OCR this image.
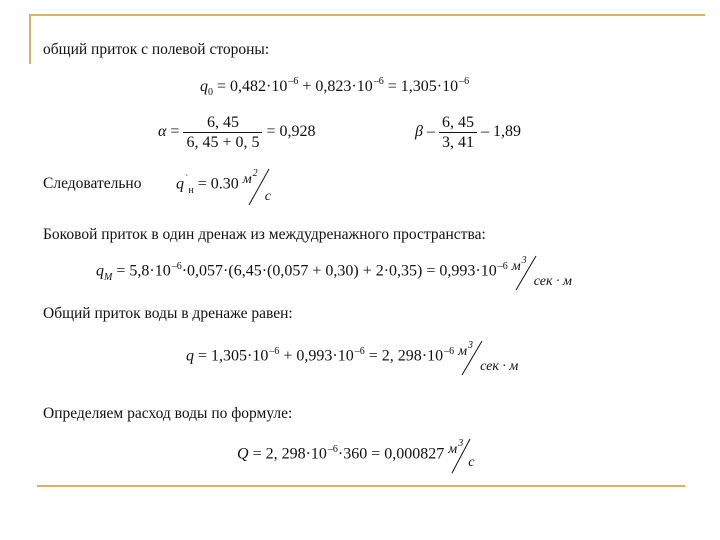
общий приток с полевой стороны:
$q_0 = 0,482\cdot 10^{-6} + 0,823\cdot 10^{-6} = 1,305\cdot 10^{-6}$
$\alpha = \frac{6, 45}{6, 45 + 0, 5} = 0,928$	β – $\frac{6, 45}{3, 41} - 1,89$
Следовательно $q^`_н = 0.30$ $м^2$
с
Боковой приток в один дренаж из междудренажного пространства:
$q_M = 5,8\cdot 10^{-6}\cdot 0,057\cdot(6,45\cdot(0,057 + 0,30) + 2\cdot 0,35) = 0,993\cdot 10^{-6}$ $м^3$
сек · м
Общий приток воды в дренаже равен:
$q = 1,305\cdot 10^{-6} + 0,993\cdot 10^{-6} = 2$, $298\cdot 10^{-6}$ $м^3$
сек · м
Определяем расход воды по формуле:
Q = 2, $298\cdot 10^{-6}\cdot 360 = 0,000827$ $м^3$
с
